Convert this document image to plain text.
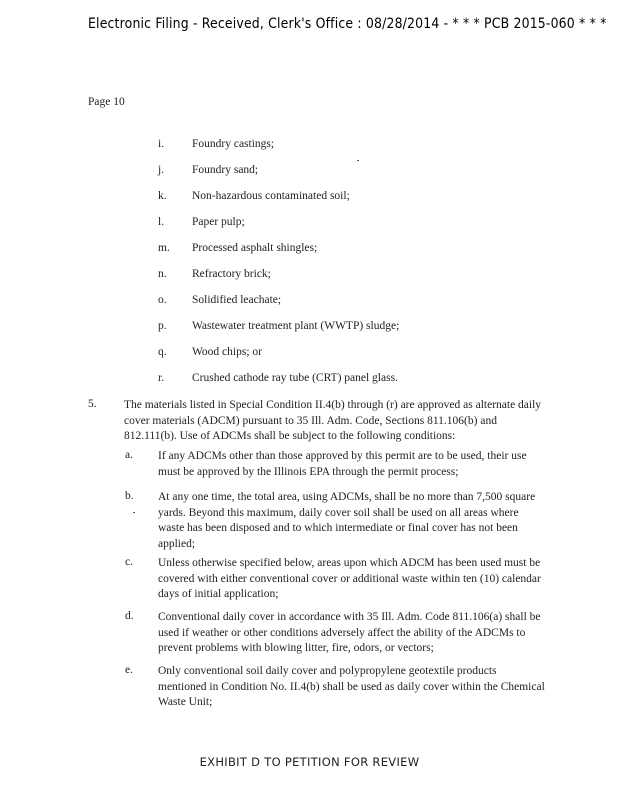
Electronic Filing - Received, Clerk's Office : 08/28/2014 - * * * PCB 2015-060 * * *
Page 10
i. Foundry castings;
j. Foundry sand;
k. Non-hazardous contaminated soil;
l. Paper pulp;
m. Processed asphalt shingles;
n. Refractory brick;
o. Solidified leachate;
p. Wastewater treatment plant (WWTP) sludge;
q. Wood chips; or
r. Crushed cathode ray tube (CRT) panel glass.
5. The materials listed in Special Condition II.4(b) through (r) are approved as alternate daily cover materials (ADCM) pursuant to 35 Ill. Adm. Code, Sections 811.106(b) and 812.111(b). Use of ADCMs shall be subject to the following conditions:
a. If any ADCMs other than those approved by this permit are to be used, their use must be approved by the Illinois EPA through the permit process;
b. At any one time, the total area, using ADCMs, shall be no more than 7,500 square yards. Beyond this maximum, daily cover soil shall be used on all areas where waste has been disposed and to which intermediate or final cover has not been applied;
c. Unless otherwise specified below, areas upon which ADCM has been used must be covered with either conventional cover or additional waste within ten (10) calendar days of initial application;
d. Conventional daily cover in accordance with 35 Ill. Adm. Code 811.106(a) shall be used if weather or other conditions adversely affect the ability of the ADCMs to prevent problems with blowing litter, fire, odors, or vectors;
e. Only conventional soil daily cover and polypropylene geotextile products mentioned in Condition No. II.4(b) shall be used as daily cover within the Chemical Waste Unit;
EXHIBIT D TO PETITION FOR REVIEW
